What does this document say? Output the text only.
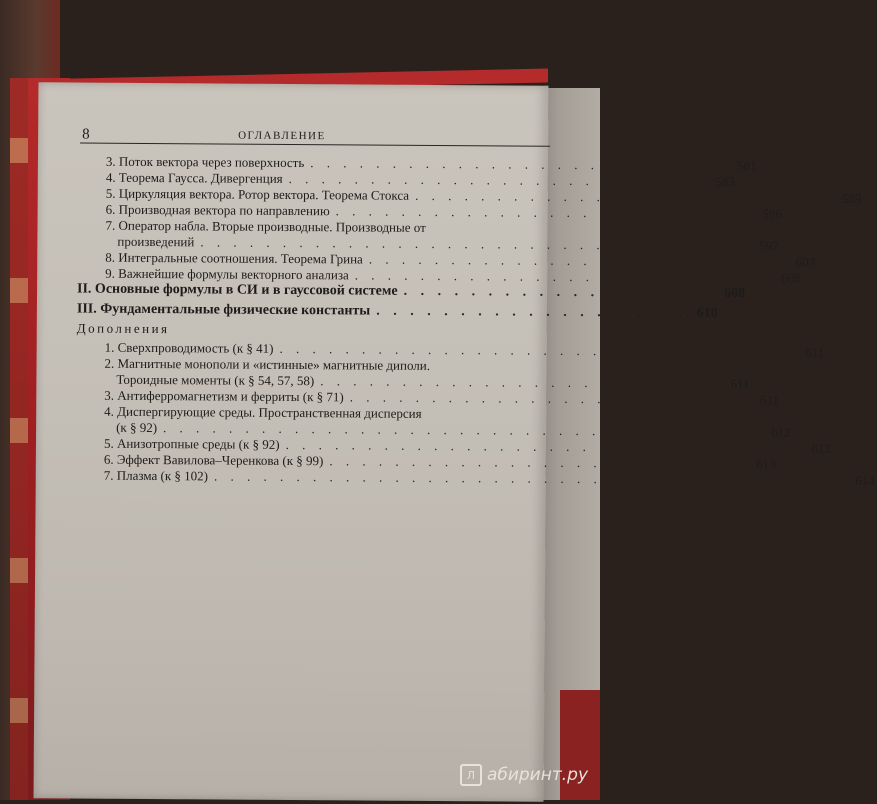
8	ОГЛАВЛЕНИЕ
3. Поток вектора через поверхность . . . . . . . . . . . . . . . . . . . . . . . . . . 581
4. Теорема Гаусса. Дивергенция . . . . . . . . . . . . . . . . . . . . . . . . . . 583
5. Циркуляция вектора. Ротор вектора. Теорема Стокса . . . . . . . . . . . . . . . . . . . . . . . . . . 589
6. Производная вектора по направлению . . . . . . . . . . . . . . . . . . . . . . . . . . 596
7. Оператор набла. Вторые производные. Производные от
произведений . . . . . . . . . . . . . . . . . . . . . . . . . . . . . . . . . . 597
8. Интегральные соотношения. Теорема Грина . . . . . . . . . . . . . . . . . . . . . . . . . . 603
9. Важнейшие формулы векторного анализа . . . . . . . . . . . . . . . . . . . . . . . . . . 606
II. Основные формулы в СИ и в гауссовой системе . . . . . . . . . . . . . . . . . . . 608
III. Фундаментальные физические константы . . . . . . . . . . . . . . . . . . . 610
Дополнения
1. Сверхпроводимость (к § 41) . . . . . . . . . . . . . . . . . . . . . . . . . . . . . . . . 611
2. Магнитные монополи и «истинные» магнитные диполи.
Тороидные моменты (к § 54, 57, 58) . . . . . . . . . . . . . . . . . . . . . . . . . 611
3. Антиферромагнетизм и ферриты (к § 71) . . . . . . . . . . . . . . . . . . . . . . . . . 611
4. Диспергирующие среды. Пространственная дисперсия
(к § 92) . . . . . . . . . . . . . . . . . . . . . . . . . . . . . . . . . . . . . 612
5. Анизотропные среды (к § 92) . . . . . . . . . . . . . . . . . . . . . . . . . . . . . . . . 613
6. Эффект Вавилова–Черенкова (к § 99) . . . . . . . . . . . . . . . . . . . . . . . . . . 613
7. Плазма (к § 102) . . . . . . . . . . . . . . . . . . . . . . . . . . . . . . . . . . . . . . . 614
Л абиринт.ру
